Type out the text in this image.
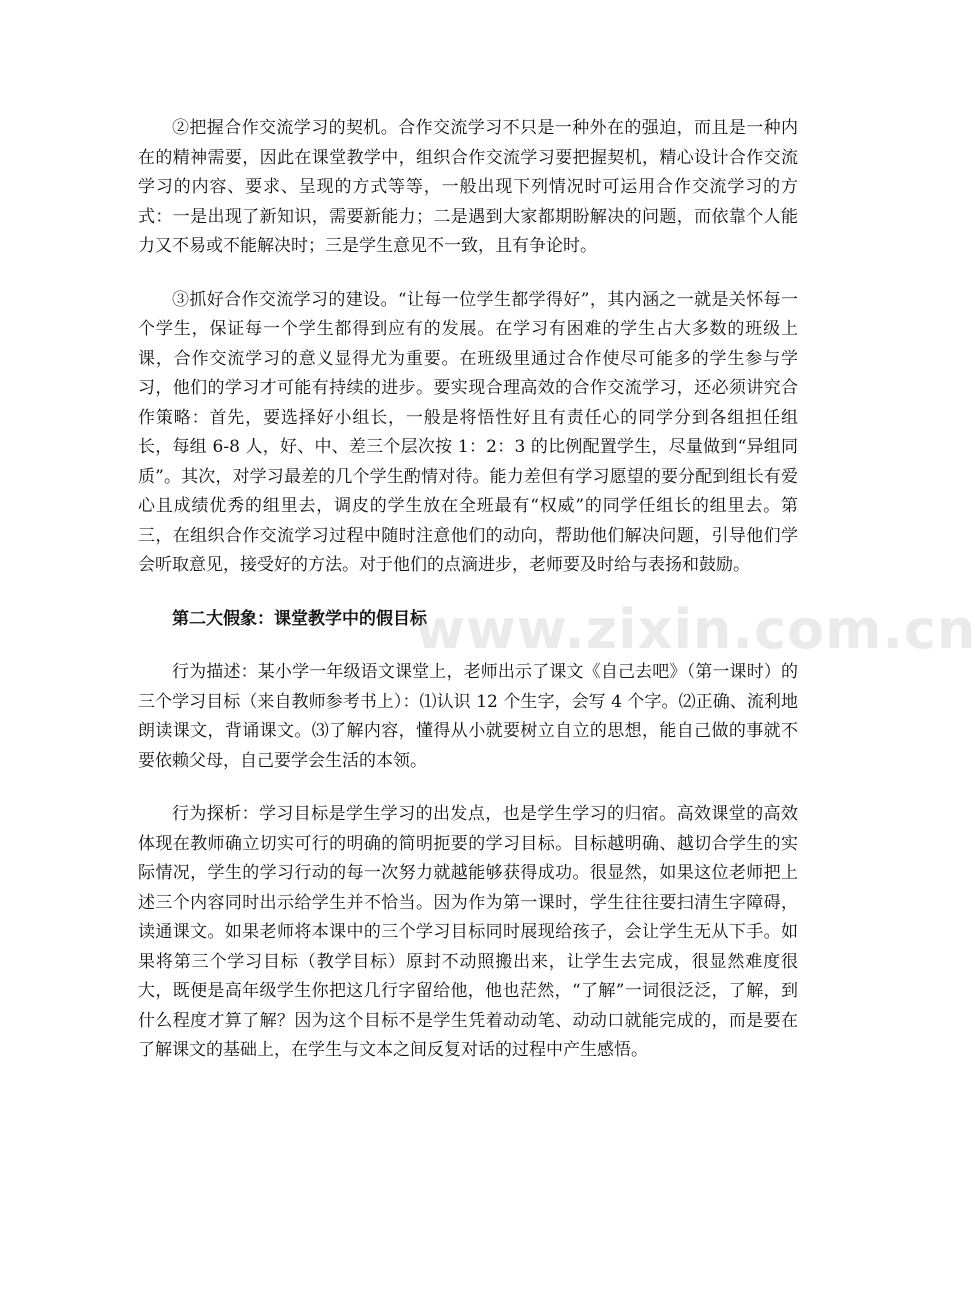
②把握合作交流学习的契机。合作交流学习不只是一种外在的强迫，而且是一种内在的精神需要，因此在课堂教学中，组织合作交流学习要把握契机，精心设计合作交流学习的内容、要求、呈现的方式等等，一般出现下列情况时可运用合作交流学习的方式：一是出现了新知识，需要新能力；二是遇到大家都期盼解决的问题，而依靠个人能力又不易或不能解决时；三是学生意见不一致，且有争论时。

③抓好合作交流学习的建设。“让每一位学生都学得好”，其内涵之一就是关怀每一个学生，保证每一个学生都得到应有的发展。在学习有困难的学生占大多数的班级上课，合作交流学习的意义显得尤为重要。在班级里通过合作使尽可能多的学生参与学习，他们的学习才可能有持续的进步。要实现合理高效的合作交流学习，还必须讲究合作策略：首先，要选择好小组长，一般是将悟性好且有责任心的同学分到各组担任组长，每组 6-8 人，好、中、差三个层次按 1：2：3 的比例配置学生，尽量做到“异组同质”。其次，对学习最差的几个学生酌情对待。能力差但有学习愿望的要分配到组长有爱心且成绩优秀的组里去，调皮的学生放在全班最有“权威”的同学任组长的组里去。第三，在组织合作交流学习过程中随时注意他们的动向，帮助他们解决问题，引导他们学会听取意见，接受好的方法。对于他们的点滴进步，老师要及时给与表扬和鼓励。

第二大假象：课堂教学中的假目标

行为描述：某小学一年级语文课堂上，老师出示了课文《自己去吧》（第一课时）的三个学习目标（来自教师参考书上）：⑴认识 12 个生字，会写 4 个字。⑵正确、流利地朗读课文，背诵课文。⑶了解内容，懂得从小就要树立自立的思想，能自己做的事就不要依赖父母，自己要学会生活的本领。

行为探析：学习目标是学生学习的出发点，也是学生学习的归宿。高效课堂的高效体现在教师确立切实可行的明确的简明扼要的学习目标。目标越明确、越切合学生的实际情况，学生的学习行动的每一次努力就越能够获得成功。很显然，如果这位老师把上述三个内容同时出示给学生并不恰当。因为作为第一课时，学生往往要扫清生字障碍，读通课文。如果老师将本课中的三个学习目标同时展现给孩子，会让学生无从下手。如果将第三个学习目标（教学目标）原封不动照搬出来，让学生去完成，很显然难度很大，既便是高年级学生你把这几行字留给他，他也茫然，“了解”一词很泛泛，了解，到什么程度才算了解？因为这个目标不是学生凭着动动笔、动动口就能完成的，而是要在了解课文的基础上，在学生与文本之间反复对话的过程中产生感悟。

www.zixin.com.cn
